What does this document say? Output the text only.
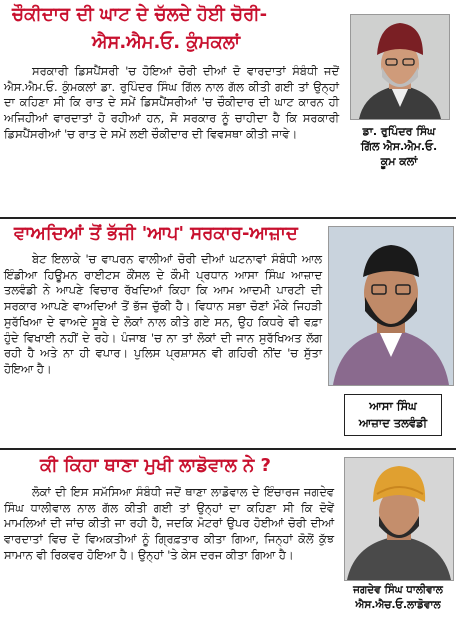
ਚੌਕੀਦਾਰ ਦੀ ਘਾਟ ਦੇ ਚੱਲਦੇ ਹੋਈ ਚੋਰੀ-
ਐਸ.ਐਮ.ਓ. ਕੁੰਮਕਲਾਂ

ਸਰਕਾਰੀ ਡਿਸਪੈਂਸਰੀ 'ਚ ਹੋਇਆਂ ਚੋਰੀ ਦੀਆਂ ਦੋ ਵਾਰਦਾਤਾਂ ਸੰਬੰਧੀ ਜਦੋਂ ਐਸ.ਐਮ.ਓ. ਕੁੰਮਕਲਾਂ ਡਾ. ਰੁਪਿੰਦਰ ਸਿੰਘ ਗਿੱਲ ਨਾਲ ਗੱਲ ਕੀਤੀ ਗਈ ਤਾਂ ਉਨ੍ਹਾਂ ਦਾ ਕਹਿਣਾ ਸੀ ਕਿ ਰਾਤ ਦੇ ਸਮੇਂ ਡਿਸਪੈਂਸਰੀਆਂ 'ਚ ਚੌਕੀਦਾਰ ਦੀ ਘਾਟ ਕਾਰਨ ਹੀ ਅਜਿਹੀਆਂ ਵਾਰਦਾਤਾਂ ਹੋ ਰਹੀਆਂ ਹਨ, ਸੋ ਸਰਕਾਰ ਨੂੰ ਚਾਹੀਦਾ ਹੈ ਕਿ ਸਰਕਾਰੀ ਡਿਸਪੈਂਸਰੀਆਂ 'ਚ ਰਾਤ ਦੇ ਸਮੇਂ ਲਈ ਚੌਕੀਦਾਰ ਦੀ ਵਿਵਸਥਾ ਕੀਤੀ ਜਾਵੇ।	ਡਾ. ਰੁਪਿੰਦਰ ਸਿੰਘ
ਗਿੱਲ ਐਸ.ਐਮ.ਓ.
ਕੂਮ ਕਲਾਂ
ਵਾਅਦਿਆਂ ਤੋਂ ਭੱਜੀ 'ਆਪ' ਸਰਕਾਰ-ਆਜ਼ਾਦ

ਬੇਟ ਇਲਾਕੇ 'ਚ ਵਾਪਰਨ ਵਾਲੀਆਂ ਚੋਰੀ ਦੀਆਂ ਘਟਨਾਵਾਂ ਸੰਬੰਧੀ ਆਲ ਇੰਡੀਆ ਹਿਊਮਨ ਰਾਈਟਸ ਕੌਂਸਲ ਦੇ ਕੌਮੀ ਪ੍ਰਧਾਨ ਆਸਾ ਸਿੰਘ ਆਜ਼ਾਦ ਤਲਵੰਡੀ ਨੇ ਆਪਣੇ ਵਿਚਾਰ ਰੱਖਦਿਆਂ ਕਿਹਾ ਕਿ ਆਮ ਆਦਮੀ ਪਾਰਟੀ ਦੀ ਸਰਕਾਰ ਆਪਣੇ ਵਾਅਦਿਆਂ ਤੋਂ ਭੱਜ ਚੁੱਕੀ ਹੈ। ਵਿਧਾਨ ਸਭਾ ਚੋਣਾਂ ਮੌਕੇ ਜਿਹੜੀ ਸੁਰੱਖਿਆ ਦੇ ਵਾਅਦੇ ਸੂਬੇ ਦੇ ਲੋਕਾਂ ਨਾਲ ਕੀਤੇ ਗਏ ਸਨ, ਉਹ ਕਿਧਰੇ ਵੀ ਵਫ਼ਾ ਹੁੰਦੇ ਵਿਖਾਈ ਨਹੀਂ ਦੇ ਰਹੇ। ਪੰਜਾਬ 'ਚ ਨਾ ਤਾਂ ਲੋਕਾਂ ਦੀ ਜਾਨ ਸੁਰੱਖਿਅਤ ਲੱਗ ਰਹੀ ਹੈ ਅਤੇ ਨਾ ਹੀ ਵਪਾਰ। ਪੁਲਿਸ ਪ੍ਰਸ਼ਾਸਨ ਵੀ ਗਹਿਰੀ ਨੀਂਦ 'ਚ ਸੁੱਤਾ ਹੋਇਆ ਹੈ।

ਆਸਾ ਸਿੰਘ
ਆਜ਼ਾਦ ਤਲਵੰਡੀ
ਕੀ ਕਿਹਾ ਥਾਣਾ ਮੁਖੀ ਲਾਡੋਵਾਲ ਨੇ ?

ਲੋਕਾਂ ਦੀ ਇਸ ਸਮੱਸਿਆ ਸੰਬੰਧੀ ਜਦੋਂ ਥਾਣਾ ਲਾਡੋਵਾਲ ਦੇ ਇੰਚਾਰਜ ਜਗਦੇਵ ਸਿੰਘ ਧਾਲੀਵਾਲ ਨਾਲ ਗੱਲ ਕੀਤੀ ਗਈ ਤਾਂ ਉਨ੍ਹਾਂ ਦਾ ਕਹਿਣਾ ਸੀ ਕਿ ਦੋਵੇਂ ਮਾਮਲਿਆਂ ਦੀ ਜਾਂਚ ਕੀਤੀ ਜਾ ਰਹੀ ਹੈ, ਜਦਕਿ ਮੋਟਰਾਂ ਉਪਰ ਹੋਈਆਂ ਚੋਰੀ ਦੀਆਂ ਵਾਰਦਾਤਾਂ ਵਿਚ ਦੋ ਵਿਅਕਤੀਆਂ ਨੂੰ ਗ੍ਰਿਫ਼ਤਾਰ ਕੀਤਾ ਗਿਆ, ਜਿਨ੍ਹਾਂ ਕੋਲੋਂ ਕੁੱਝ ਸਾਮਾਨ ਵੀ ਰਿਕਵਰ ਹੋਇਆ ਹੈ। ਉਨ੍ਹਾਂ 'ਤੇ ਕੇਸ ਦਰਜ ਕੀਤਾ ਗਿਆ ਹੈ।

ਜਗਦੇਵ ਸਿੰਘ ਧਾਲੀਵਾਲ
ਐਸ.ਐਚ.ਓ.ਲਾਡੋਵਾਲ
